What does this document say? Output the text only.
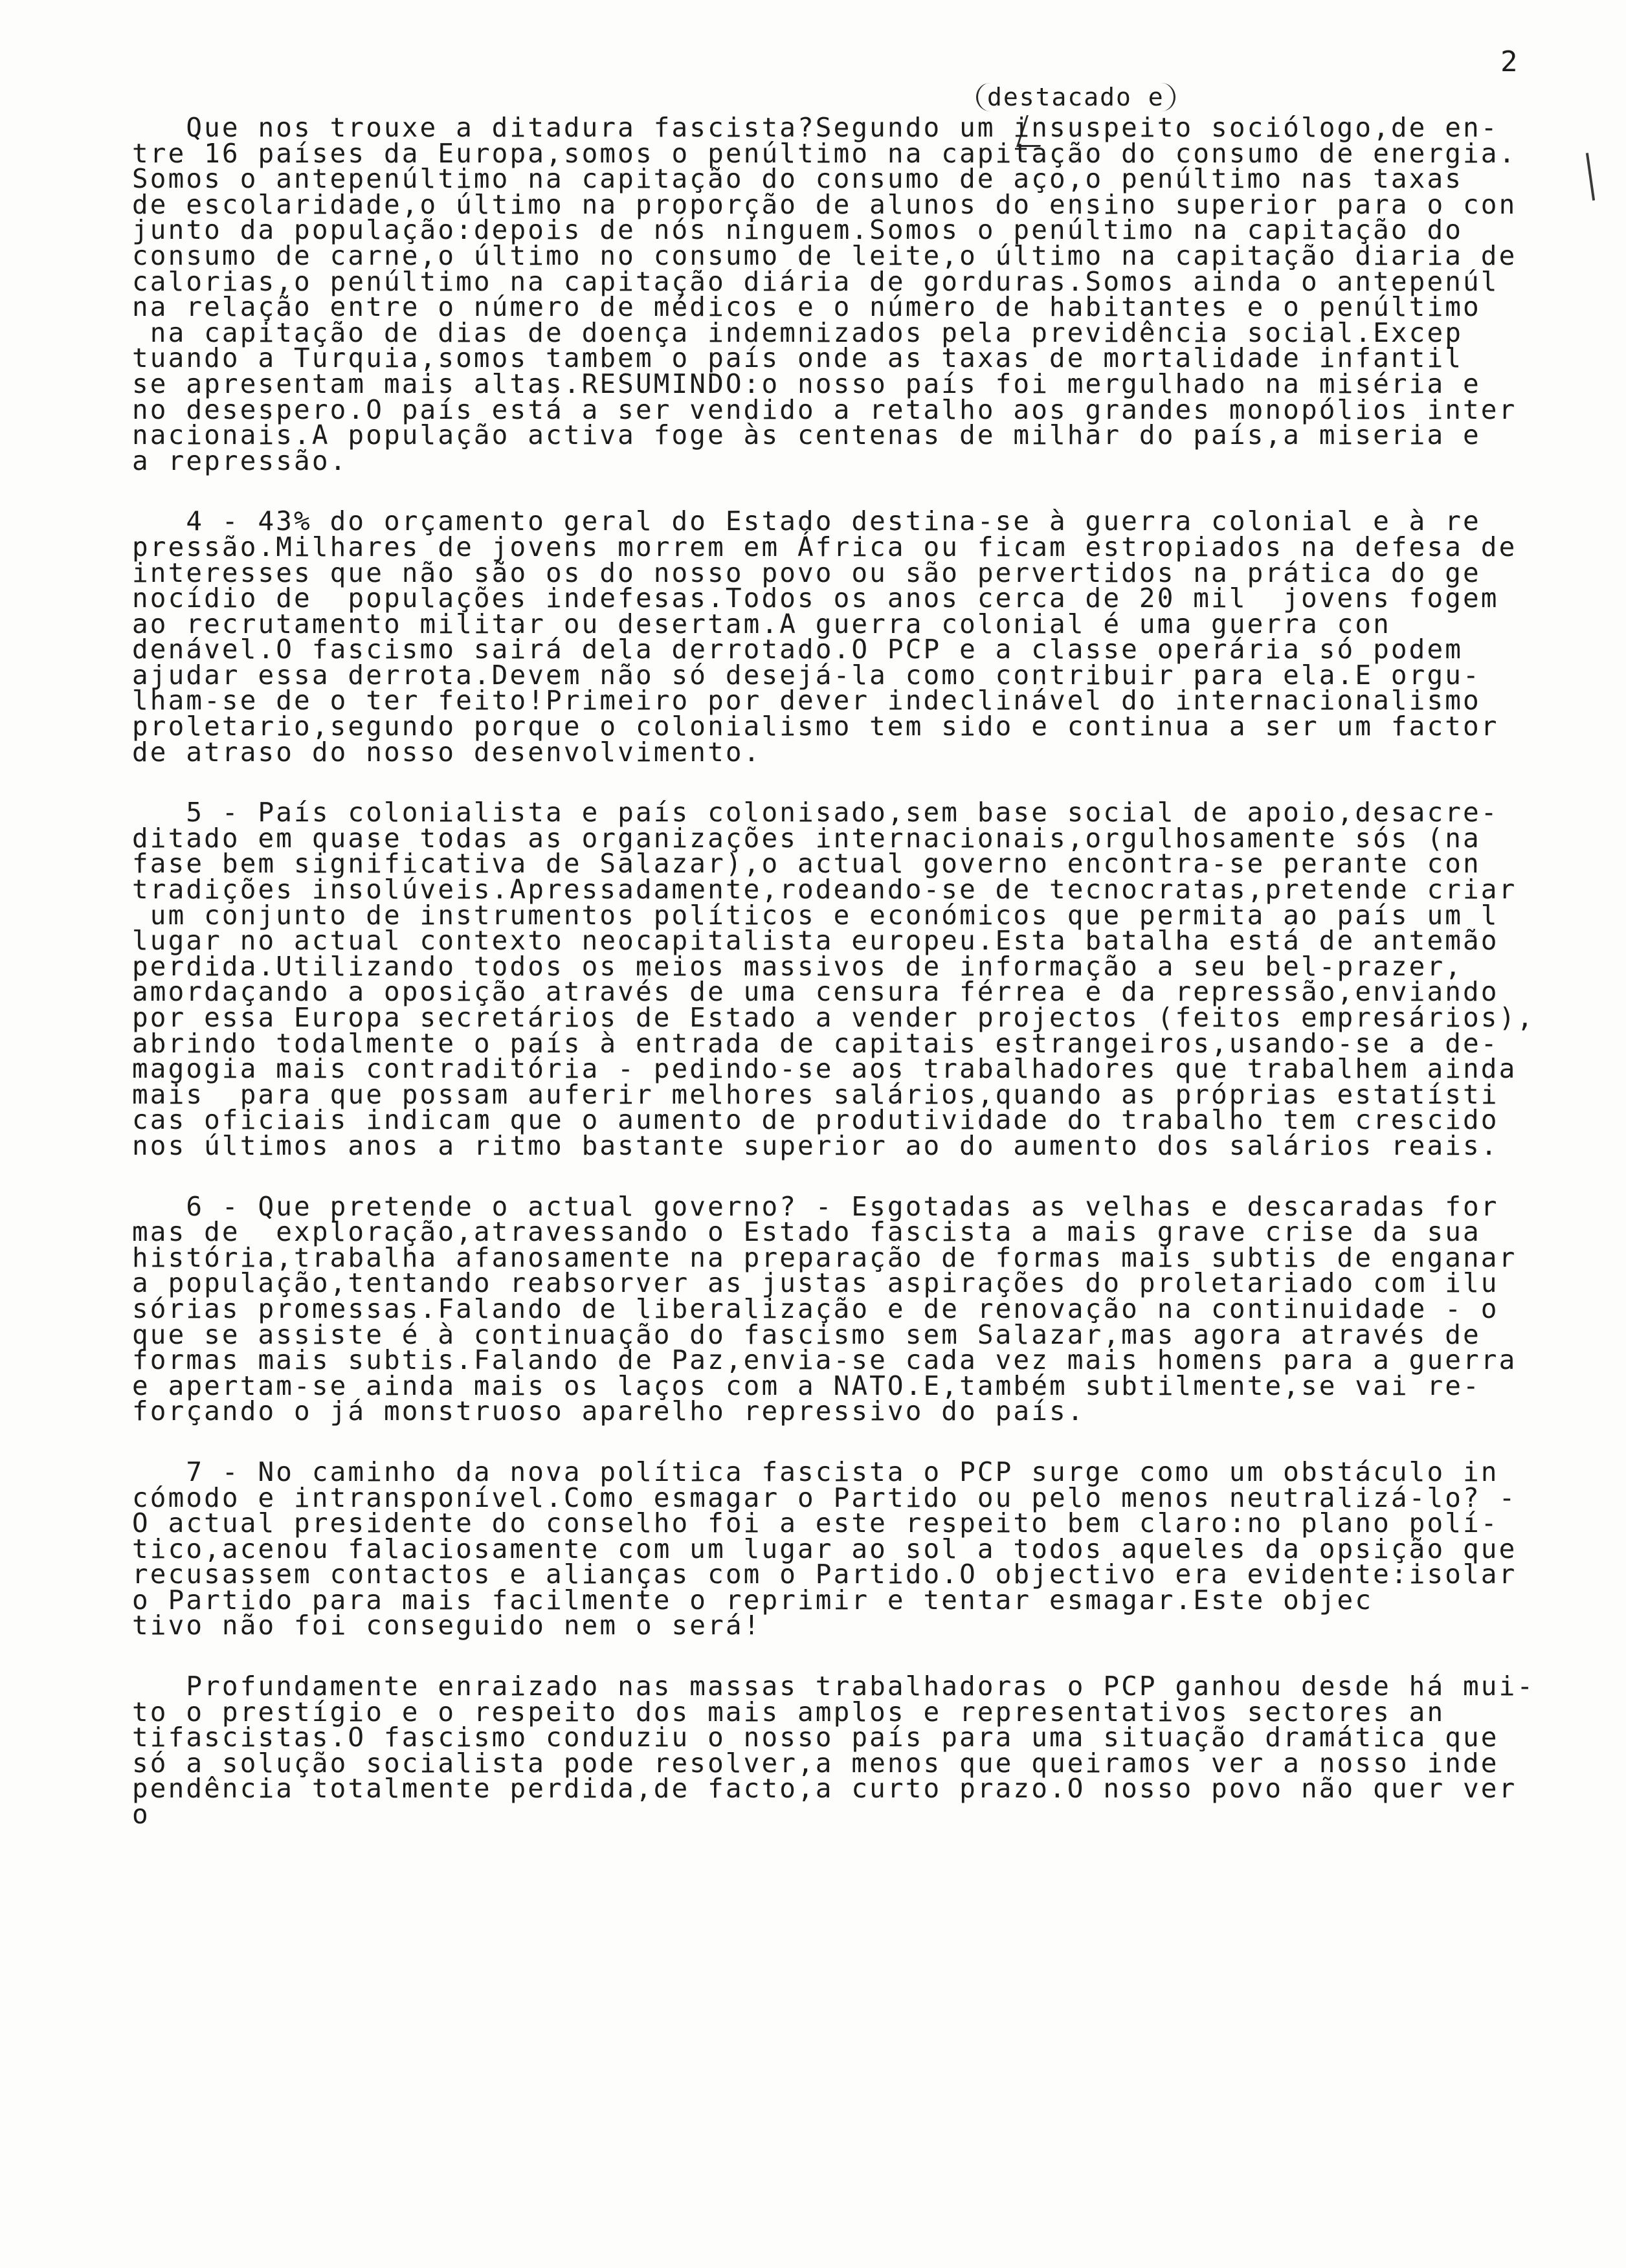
2
destacado e
Que nos trouxe a ditadura fascista?Segundo um insuspeito sociólogo,de en-
tre 16 países da Europa,somos o penúltimo na capitação do consumo de energia.
Somos o antepenúltimo na capitação do consumo de aço,o penúltimo nas taxas
de escolaridade,o último na proporção de alunos do ensino superior para o con
junto da população:depois de nós ninguem.Somos o penúltimo na capitação do
consumo de carne,o último no consumo de leite,o último na capitação diaria de
calorias,o penúltimo na capitação diária de gorduras.Somos ainda o antepenúl
na relação entre o número de médicos e o número de habitantes e o penúltimo
na capitação de dias de doença indemnizados pela previdência social.Excep
tuando a Turquia,somos tambem o país onde as taxas de mortalidade infantil
se apresentam mais altas.RESUMINDO:o nosso país foi mergulhado na miséria e
no desespero.O país está a ser vendido a retalho aos grandes monopólios inter
nacionais.A população activa foge às centenas de milhar do país,a miseria e
a repressão.
4 - 43% do orçamento geral do Estado destina-se à guerra colonial e à re
pressão.Milhares de jovens morrem em África ou ficam estropiados na defesa de
interesses que não são os do nosso povo ou são pervertidos na prática do ge
nocídio de  populações indefesas.Todos os anos cerca de 20 mil  jovens fogem
ao recrutamento militar ou desertam.A guerra colonial é uma guerra con
denável.O fascismo sairá dela derrotado.O PCP e a classe operária só podem
ajudar essa derrota.Devem não só desejá-la como contribuir para ela.E orgu-
lham-se de o ter feito!Primeiro por dever indeclinável do internacionalismo
proletario,segundo porque o colonialismo tem sido e continua a ser um factor
de atraso do nosso desenvolvimento.
5 - País colonialista e país colonisado,sem base social de apoio,desacre-
ditado em quase todas as organizações internacionais,orgulhosamente sós (na
fase bem significativa de Salazar),o actual governo encontra-se perante con
tradições insolúveis.Apressadamente,rodeando-se de tecnocratas,pretende criar
um conjunto de instrumentos políticos e económicos que permita ao país um l
lugar no actual contexto neocapitalista europeu.Esta batalha está de antemão
perdida.Utilizando todos os meios massivos de informação a seu bel-prazer,
amordaçando a oposição através de uma censura férrea e da repressão,enviando
por essa Europa secretários de Estado a vender projectos (feitos empresários),
abrindo todalmente o país à entrada de capitais estrangeiros,usando-se a de-
magogia mais contraditória - pedindo-se aos trabalhadores que trabalhem ainda
mais  para que possam auferir melhores salários,quando as próprias estatísti
cas oficiais indicam que o aumento de produtividade do trabalho tem crescido
nos últimos anos a ritmo bastante superior ao do aumento dos salários reais.
6 - Que pretende o actual governo? - Esgotadas as velhas e descaradas for
mas de  exploração,atravessando o Estado fascista a mais grave crise da sua
história,trabalha afanosamente na preparação de formas mais subtis de enganar
a população,tentando reabsorver as justas aspirações do proletariado com ilu
sórias promessas.Falando de liberalização e de renovação na continuidade - o
que se assiste é à continuação do fascismo sem Salazar,mas agora através de
formas mais subtis.Falando de Paz,envia-se cada vez mais homens para a guerra
e apertam-se ainda mais os laços com a NATO.E,também subtilmente,se vai re-
forçando o já monstruoso aparelho repressivo do país.
7 - No caminho da nova política fascista o PCP surge como um obstáculo in
cómodo e intransponível.Como esmagar o Partido ou pelo menos neutralizá-lo? -
O actual presidente do conselho foi a este respeito bem claro:no plano polí-
tico,acenou falaciosamente com um lugar ao sol a todos aqueles da opsição que
recusassem contactos e alianças com o Partido.O objectivo era evidente:isolar
o Partido para mais facilmente o reprimir e tentar esmagar.Este objec
tivo não foi conseguido nem o será!
Profundamente enraizado nas massas trabalhadoras o PCP ganhou desde há mui-
to o prestígio e o respeito dos mais amplos e representativos sectores an
tifascistas.O fascismo conduziu o nosso país para uma situação dramática que
só a solução socialista pode resolver,a menos que queiramos ver a nosso inde
pendência totalmente perdida,de facto,a curto prazo.O nosso povo não quer ver
o
